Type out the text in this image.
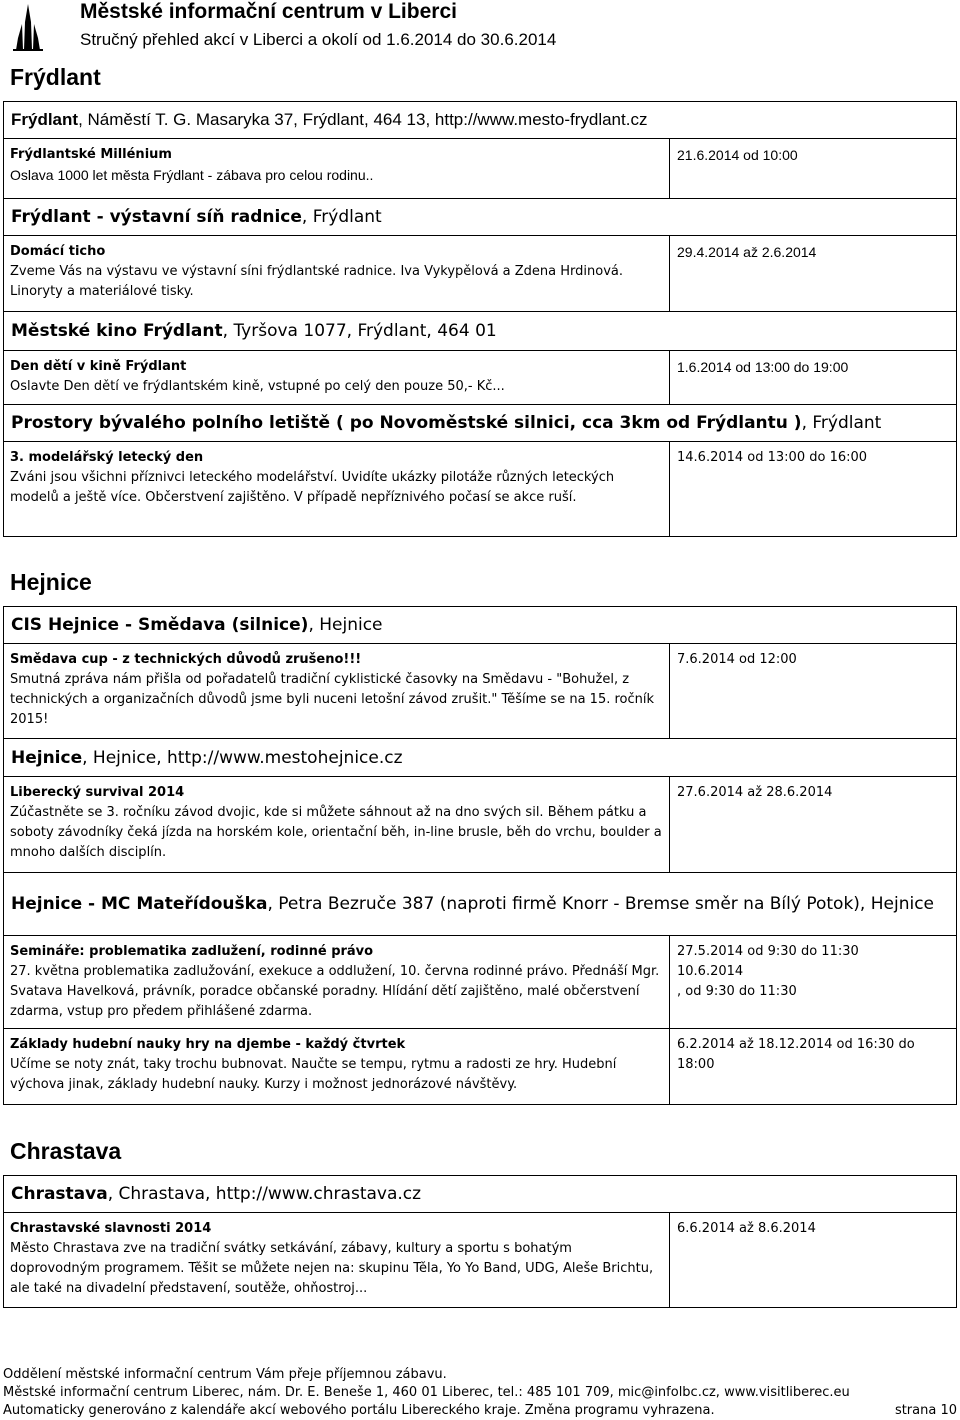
Městské informační centrum v Liberci
Stručný přehled akcí v Liberci a okolí od 1.6.2014 do 30.6.2014
Frýdlant
Frýdlant, Náměstí T. G. Masaryka 37, Frýdlant, 464 13, http://www.mesto-frydlant.cz
Frýdlantské Millénium
Oslava 1000 let města Frýdlant - zábava pro celou rodinu..
21.6.2014 od 10:00
Frýdlant - výstavní síň radnice, Frýdlant
Domácí ticho
Zveme Vás na výstavu ve výstavní síni frýdlantské radnice. Iva Vykypělová a Zdena Hrdinová. Linoryty a materiálové tisky.
29.4.2014 až 2.6.2014
Městské kino Frýdlant, Tyršova 1077, Frýdlant, 464 01
Den dětí v kině Frýdlant
Oslavte Den dětí ve frýdlantském kině, vstupné po celý den pouze 50,- Kč...
1.6.2014 od 13:00 do 19:00
Prostory bývalého polního letiště ( po Novoměstské silnici, cca 3km od Frýdlantu ), Frýdlant
3. modelářský letecký den
Zváni jsou všichni příznivci leteckého modelářství. Uvidíte ukázky pilotáže různých leteckých modelů a ještě více. Občerstvení zajištěno. V případě nepříznivého počasí se akce ruší.
14.6.2014 od 13:00 do 16:00
Hejnice
CIS Hejnice - Smědava (silnice), Hejnice
Smědava cup - z technických důvodů zrušeno!!!
Smutná zpráva nám přišla od pořadatelů tradiční cyklistické časovky na Smědavu - "Bohužel, z technických a organizačních důvodů jsme byli nuceni letošní závod zrušit." Těšíme se na 15. ročník 2015!
7.6.2014 od 12:00
Hejnice, Hejnice, http://www.mestohejnice.cz
Liberecký survival 2014
Zúčastněte se 3. ročníku závod dvojic, kde si můžete sáhnout až na dno svých sil. Během pátku a soboty závodníky čeká jízda na horském kole, orientační běh, in-line brusle, běh do vrchu, boulder a mnoho dalších disciplín.
27.6.2014 až 28.6.2014
Hejnice - MC Mateřídouška, Petra Bezruče 387 (naproti firmě Knorr - Bremse směr na Bílý Potok), Hejnice
Semináře: problematika zadlužení, rodinné právo
27. května problematika zadlužování, exekuce a oddlužení, 10. června rodinné právo. Přednáší Mgr. Svatava Havelková, právník, poradce občanské poradny. Hlídání dětí zajištěno, malé občerstvení zdarma, vstup pro předem přihlášené zdarma.
27.5.2014 od 9:30 do 11:30
10.6.2014
, od 9:30 do 11:30
Základy hudební nauky hry na djembe - každý čtvrtek
Učíme se noty znát, taky trochu bubnovat. Naučte se tempu, rytmu a radosti ze hry. Hudební výchova jinak, základy hudební nauky. Kurzy i možnost jednorázové návštěvy.
6.2.2014 až 18.12.2014 od 16:30 do 18:00
Chrastava
Chrastava, Chrastava, http://www.chrastava.cz
Chrastavské slavnosti 2014
Město Chrastava zve na tradiční svátky setkávání, zábavy, kultury a sportu s bohatým doprovodným programem. Těšit se můžete nejen na: skupinu Těla, Yo Yo Band, UDG, Aleše Brichtu, ale také na divadelní představení, soutěže, ohňostroj...
6.6.2014 až 8.6.2014
Oddělení městské informační centrum Vám přeje příjemnou zábavu.
Městské informační centrum Liberec, nám. Dr. E. Beneše 1, 460 01 Liberec, tel.: 485 101 709, mic@infolbc.cz, www.visitliberec.eu
Automaticky generováno z kalendáře akcí webového portálu Libereckého kraje. Změna programu vyhrazena.	strana 10
